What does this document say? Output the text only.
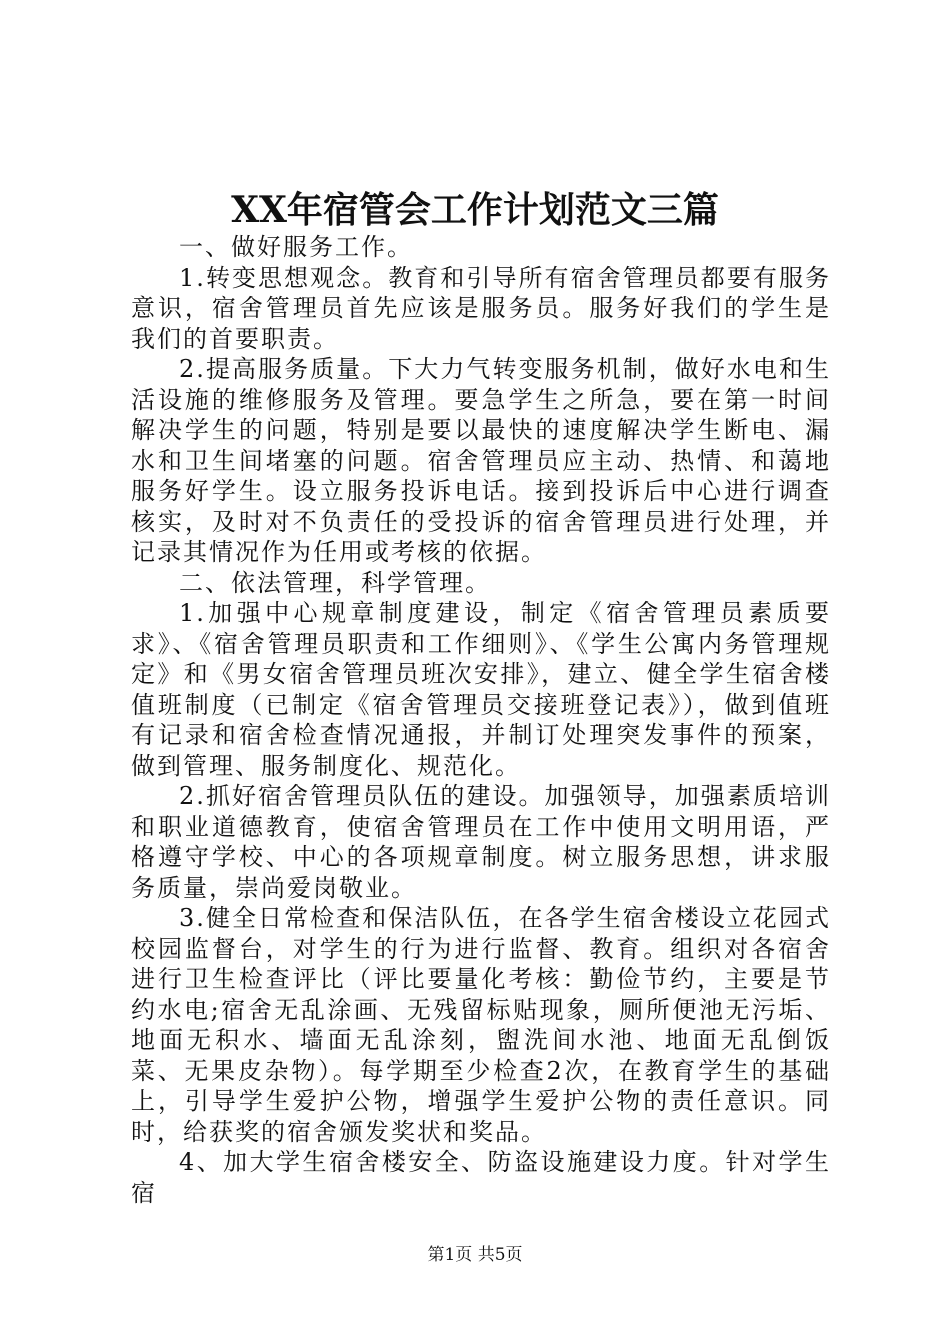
XX年宿管会工作计划范文三篇

一、做好服务工作。

1.转变思想观念。教育和引导所有宿舍管理员都要有服务意识，宿舍管理员首先应该是服务员。服务好我们的学生是我们的首要职责。

2.提高服务质量。下大力气转变服务机制，做好水电和生活设施的维修服务及管理。要急学生之所急，要在第一时间解决学生的问题，特别是要以最快的速度解决学生断电、漏水和卫生间堵塞的问题。宿舍管理员应主动、热情、和蔼地服务好学生。设立服务投诉电话。接到投诉后中心进行调查核实，及时对不负责任的受投诉的宿舍管理员进行处理，并记录其情况作为任用或考核的依据。

二、依法管理，科学管理。

1.加强中心规章制度建设，制定《宿舍管理员素质要求》、《宿舍管理员职责和工作细则》、《学生公寓内务管理规定》和《男女宿舍管理员班次安排》，建立、健全学生宿舍楼值班制度（已制定《宿舍管理员交接班登记表》），做到值班有记录和宿舍检查情况通报，并制订处理突发事件的预案，做到管理、服务制度化、规范化。

2.抓好宿舍管理员队伍的建设。加强领导，加强素质培训和职业道德教育，使宿舍管理员在工作中使用文明用语，严格遵守学校、中心的各项规章制度。树立服务思想，讲求服务质量，崇尚爱岗敬业。

3.健全日常检查和保洁队伍，在各学生宿舍楼设立花园式校园监督台，对学生的行为进行监督、教育。组织对各宿舍进行卫生检查评比（评比要量化考核：勤俭节约，主要是节约水电;宿舍无乱涂画、无残留标贴现象，厕所便池无污垢、地面无积水、墙面无乱涂刻，盥洗间水池、地面无乱倒饭菜、无果皮杂物）。每学期至少检查2次，在教育学生的基础上，引导学生爱护公物，增强学生爱护公物的责任意识。同时，给获奖的宿舍颁发奖状和奖品。

4、加大学生宿舍楼安全、防盗设施建设力度。针对学生宿

第1页 共5页
